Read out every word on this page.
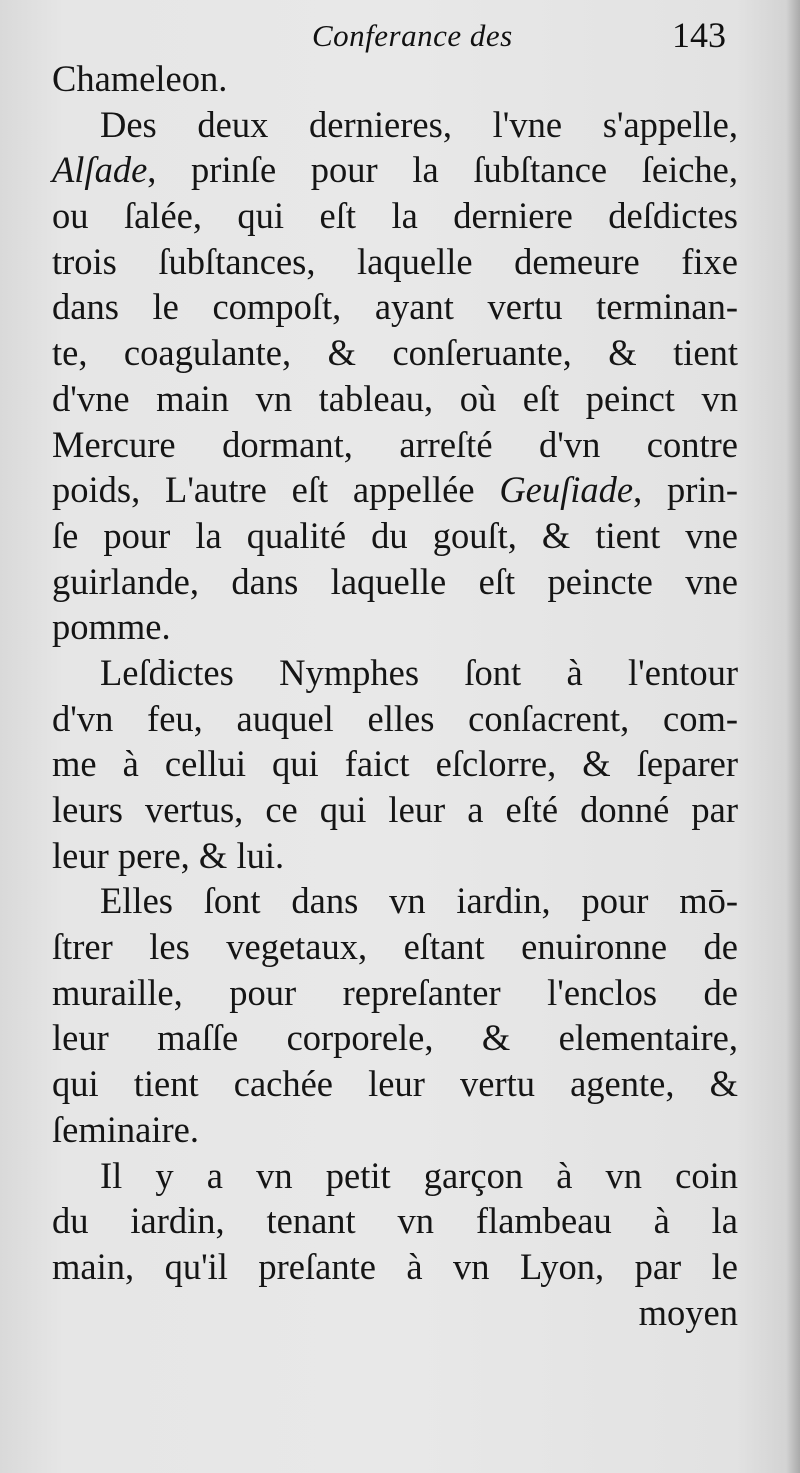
Conferance des	143
Chameleon.
Des deux dernieres, l'vne s'appelle,
Alſade, prinſe pour la ſubſtance ſeiche,
ou ſalée, qui eſt la derniere deſdictes
trois ſubſtances, laquelle demeure fixe
dans le compoſt, ayant vertu terminan-
te, coagulante, & conſeruante, & tient
d'vne main vn tableau, où eſt peinct vn
Mercure dormant, arreſté d'vn contre
poids, L'autre eſt appellée Geuſiade, prin-
ſe pour la qualité du gouſt, & tient vne
guirlande, dans laquelle eſt peincte vne
pomme.
Leſdictes Nymphes ſont à l'entour
d'vn feu, auquel elles conſacrent, com-
me à cellui qui faict eſclorre, & ſeparer
leurs vertus, ce qui leur a eſté donné par
leur pere, & lui.
Elles ſont dans vn iardin, pour mō-
ſtrer les vegetaux, eſtant enuironne de
muraille, pour repreſanter l'enclos de
leur maſſe corporele, & elementaire,
qui tient cachée leur vertu agente, &
ſeminaire.
Il y a vn petit garçon à vn coin
du iardin, tenant vn flambeau à la
main, qu'il preſante à vn Lyon, par le
moyen
